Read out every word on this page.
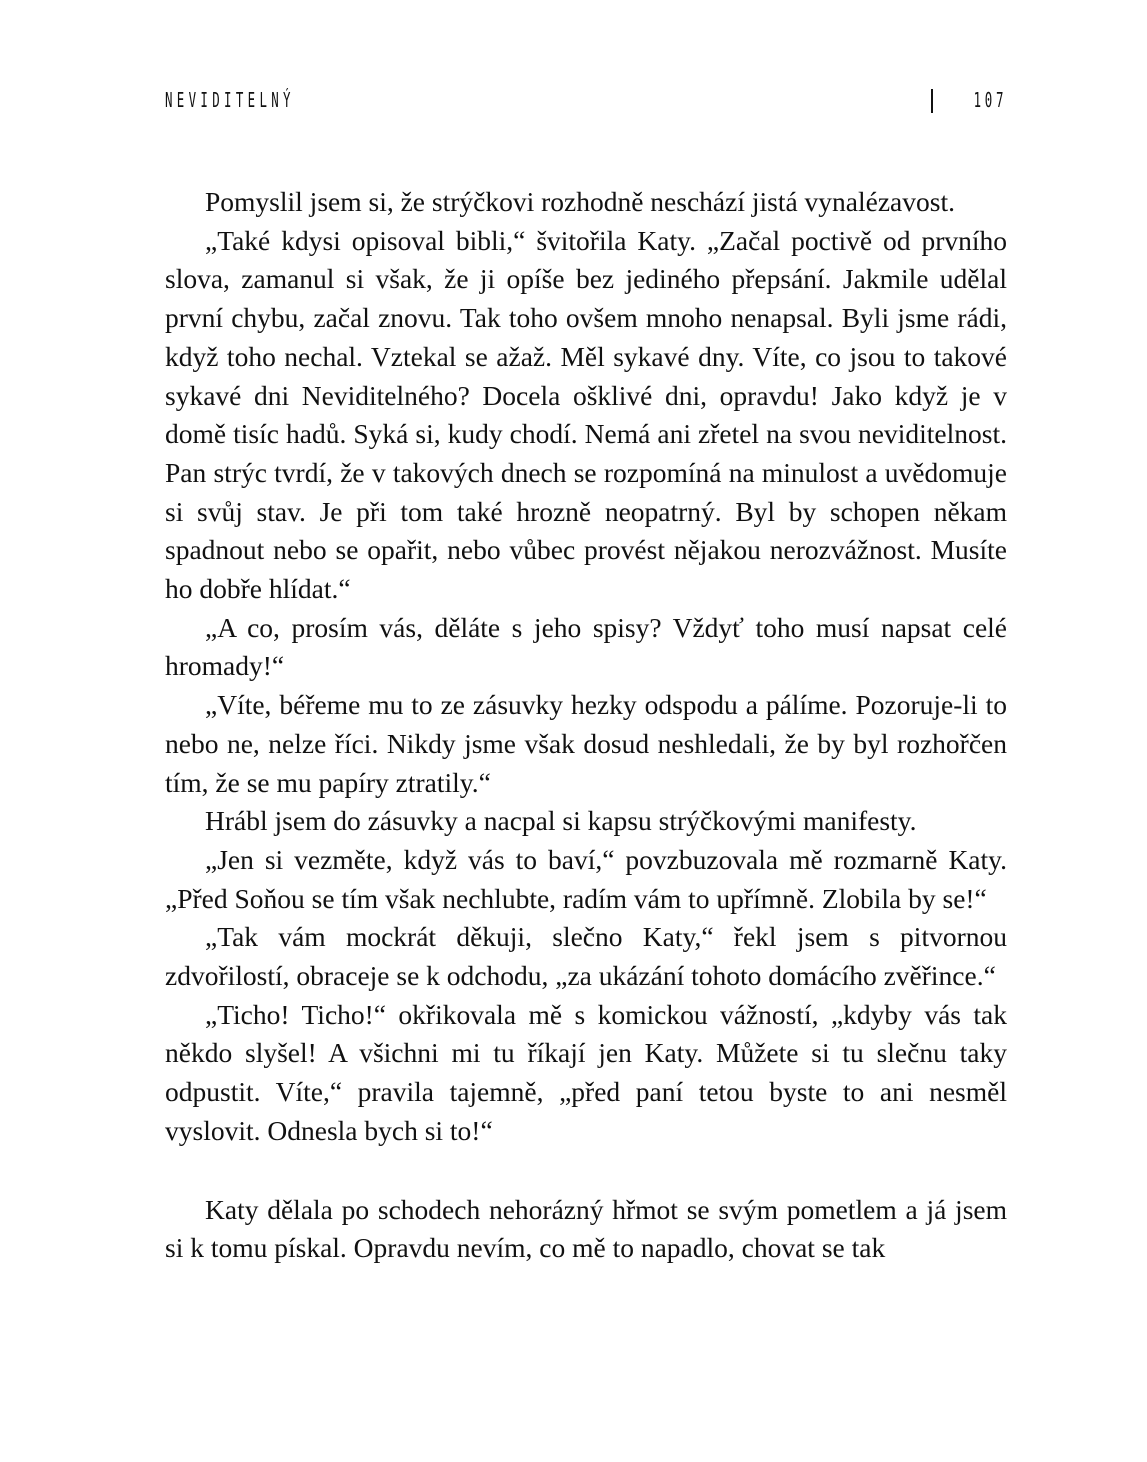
NEVIDITELNÝ	107

Pomyslil jsem si, že strýčkovi rozhodně neschází jistá vynalézavost.

„Také kdysi opisoval bibli,“ švitořila Katy. „Začal poctivě od prvního slova, zamanul si však, že ji opíše bez jediného přepsání. Jakmile udělal první chybu, začal znovu. Tak toho ovšem mnoho nenapsal. Byli jsme rádi, když toho nechal. Vztekal se ažaž. Měl sykavé dny. Víte, co jsou to takové sykavé dni Neviditelného? Docela ošklivé dni, opravdu! Jako když je v domě tisíc hadů. Syká si, kudy chodí. Nemá ani zřetel na svou neviditelnost. Pan strýc tvrdí, že v takových dnech se rozpomíná na minulost a uvědomuje si svůj stav. Je při tom také hrozně neopatrný. Byl by schopen někam spadnout nebo se opařit, nebo vůbec provést nějakou nerozvážnost. Musíte ho dobře hlídat.“

„A co, prosím vás, děláte s jeho spisy? Vždyť toho musí napsat celé hromady!“

„Víte, béřeme mu to ze zásuvky hezky odspodu a pálíme. Pozoruje-li to nebo ne, nelze říci. Nikdy jsme však dosud neshledali, že by byl rozhořčen tím, že se mu papíry ztratily.“

Hrábl jsem do zásuvky a nacpal si kapsu strýčkovými manifesty.

„Jen si vezměte, když vás to baví,“ povzbuzovala mě rozmarně Katy. „Před Soňou se tím však nechlubte, radím vám to upřímně. Zlobila by se!“

„Tak vám mockrát děkuji, slečno Katy,“ řekl jsem s pitvornou zdvořilostí, obraceje se k odchodu, „za ukázání tohoto domácího zvěřince.“

„Ticho! Ticho!“ okřikovala mě s komickou vážností, „kdyby vás tak někdo slyšel! A všichni mi tu říkají jen Katy. Můžete si tu slečnu taky odpustit. Víte,“ pravila tajemně, „před paní tetou byste to ani nesměl vyslovit. Odnesla bych si to!“

Katy dělala po schodech nehorázný hřmot se svým pometlem a já jsem si k tomu pískal. Opravdu nevím, co mě to napadlo, chovat se tak
